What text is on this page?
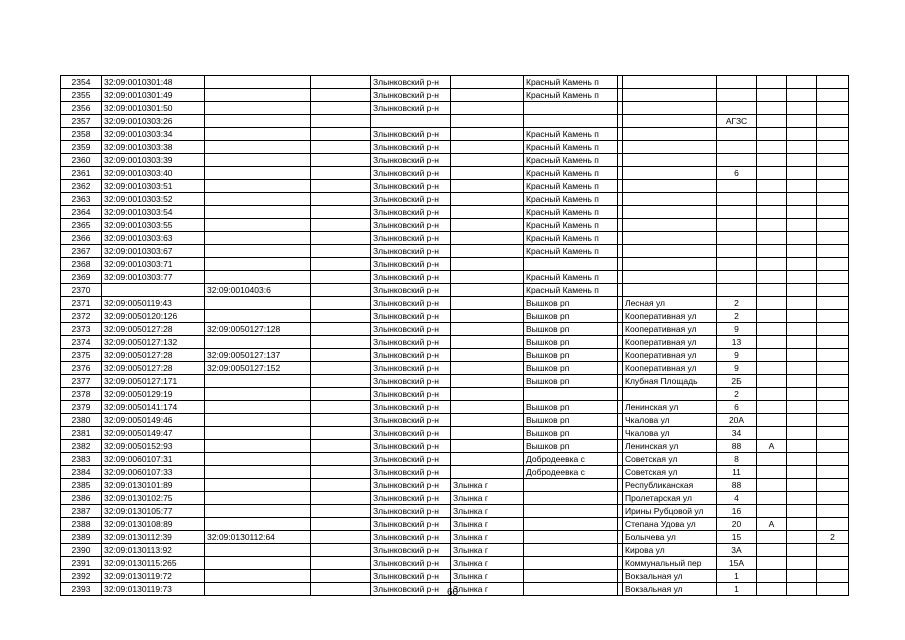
2354	32:09:0010301:48			Злынковский р-н		Красный Камень п						
2355	32:09:0010301:49			Злынковский р-н		Красный Камень п						
2356	32:09:0010301:50			Злынковский р-н								
2357	32:09:0010303:26								АГЗС			
2358	32:09:0010303:34			Злынковский р-н		Красный Камень п						
2359	32:09:0010303:38			Злынковский р-н		Красный Камень п						
2360	32:09:0010303:39			Злынковский р-н		Красный Камень п						
2361	32:09:0010303:40			Злынковский р-н		Красный Камень п			6			
2362	32:09:0010303:51			Злынковский р-н		Красный Камень п						
2363	32:09:0010303:52			Злынковский р-н		Красный Камень п						
2364	32:09:0010303:54			Злынковский р-н		Красный Камень п						
2365	32:09:0010303:55			Злынковский р-н		Красный Камень п						
2366	32:09:0010303:63			Злынковский р-н		Красный Камень п						
2367	32:09:0010303:67			Злынковский р-н		Красный Камень п						
2368	32:09:0010303:71			Злынковский р-н								
2369	32:09:0010303:77			Злынковский р-н		Красный Камень п						
2370		32:09:0010403:6		Злынковский р-н		Красный Камень п						
2371	32:09:0050119:43			Злынковский р-н		Вышков рп		Лесная ул	2			
2372	32:09:0050120:126			Злынковский р-н		Вышков рп		Кооперативная ул	2			
2373	32:09:0050127:28	32:09:0050127:128		Злынковский р-н		Вышков рп		Кооперативная ул	9			
2374	32:09:0050127:132			Злынковский р-н		Вышков рп		Кооперативная ул	13			
2375	32:09:0050127:28	32:09:0050127:137		Злынковский р-н		Вышков рп		Кооперативная ул	9			
2376	32:09:0050127:28	32:09:0050127:152		Злынковский р-н		Вышков рп		Кооперативная ул	9			
2377	32:09:0050127:171			Злынковский р-н		Вышков рп		Клубная Площадь	2Б			
2378	32:09:0050129:19			Злынковский р-н					2			
2379	32:09:0050141:174			Злынковский р-н		Вышков рп		Ленинская ул	6			
2380	32:09:0050149:46			Злынковский р-н		Вышков рп		Чкалова ул	20А			
2381	32:09:0050149:47			Злынковский р-н		Вышков рп		Чкалова ул	34			
2382	32:09:0050152:93			Злынковский р-н		Вышков рп		Ленинская ул	88	А		
2383	32:09:0060107:31			Злынковский р-н		Добродеевка с		Советская ул	8			
2384	32:09:0060107:33			Злынковский р-н		Добродеевка с		Советская ул	11			
2385	32:09:0130101:89			Злынковский р-н	Злынка г			Республиканская	88			
2386	32:09:0130102:75			Злынковский р-н	Злынка г			Пролетарская ул	4			
2387	32:09:0130105:77			Злынковский р-н	Злынка г			Ирины Рубцовой ул	16			
2388	32:09:0130108:89			Злынковский р-н	Злынка г			Степана Удова ул	20	А		
2389	32:09:0130112:39	32:09:0130112:64		Злынковский р-н	Злынка г			Болычева ул	15			2
2390	32:09:0130113:92			Злынковский р-н	Злынка г			Кирова ул	3А			
2391	32:09:0130115:265			Злынковский р-н	Злынка г			Коммунальный пер	15А			
2392	32:09:0130119:72			Злынковский р-н	Злынка г			Вокзальная ул	1			
2393	32:09:0130119:73			Злынковский р-н	Злынка г			Вокзальная ул	1			
60
